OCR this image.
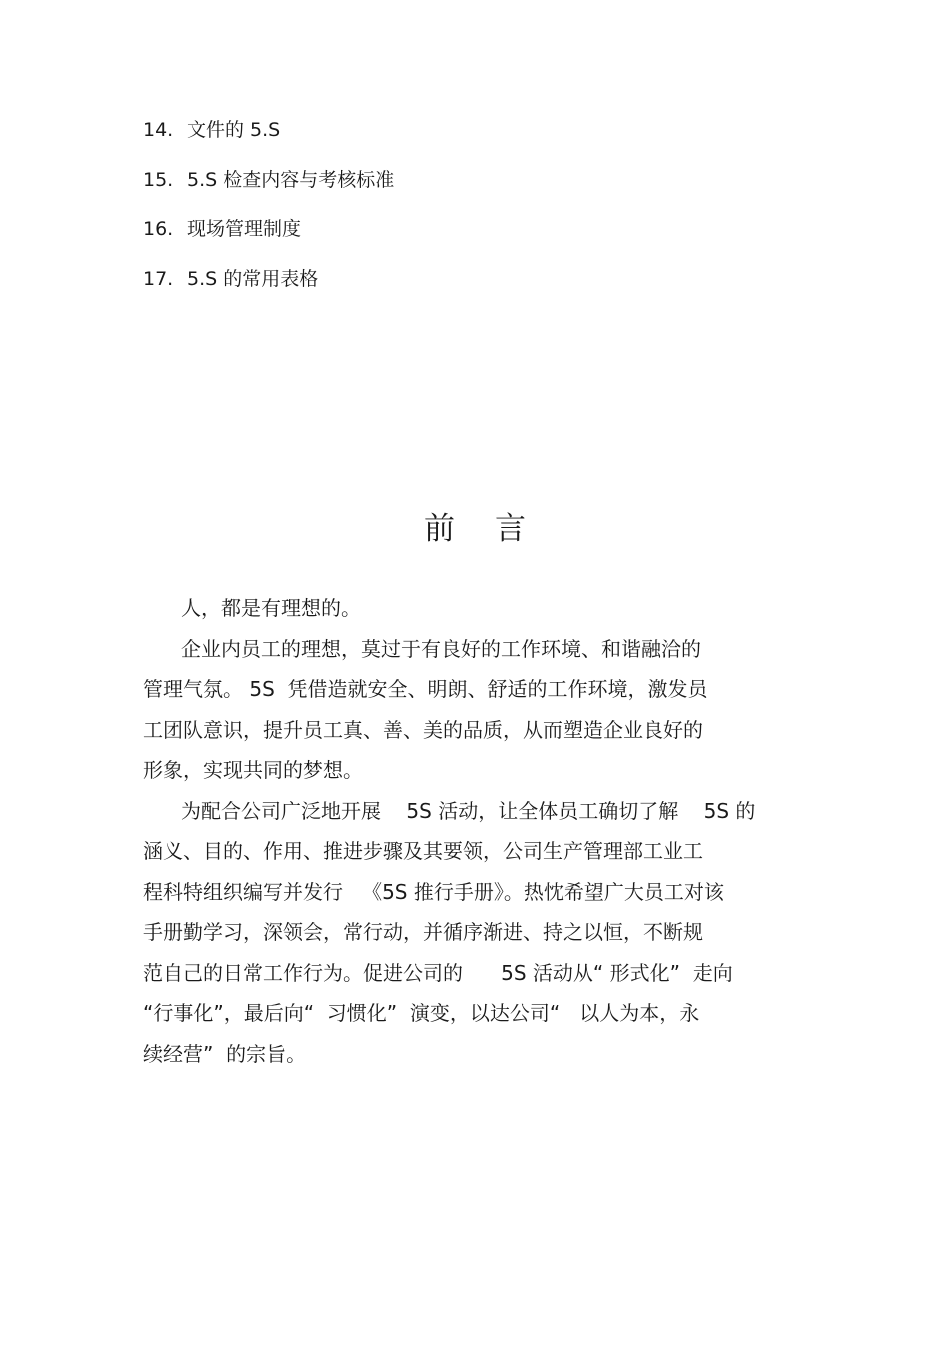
14. 文件的 5.S
15. 5.S 检查内容与考核标准
16. 现场管理制度
17. 5.S 的常用表格
前言
人，都是有理想的。
企业内员工的理想，莫过于有良好的工作环境、和谐融洽的
管理气氛。 5S  凭借造就安全、明朗、舒适的工作环境，激发员
工团队意识，提升员工真、善、美的品质，从而塑造企业良好的
形象，实现共同的梦想。
为配合公司广泛地开展    5S 活动，让全体员工确切了解    5S 的
涵义、目的、作用、推进步骤及其要领，公司生产管理部工业工
程科特组织编写并发行   《5S 推行手册》。热忱希望广大员工对该
手册勤学习，深领会，常行动，并循序渐进、持之以恒，不断规
范自己的日常工作行为。促进公司的      5S 活动从“ 形式化”  走向
“行事化”，最后向“  习惯化”  演变，以达公司“   以人为本，永
续经营”  的宗旨。
